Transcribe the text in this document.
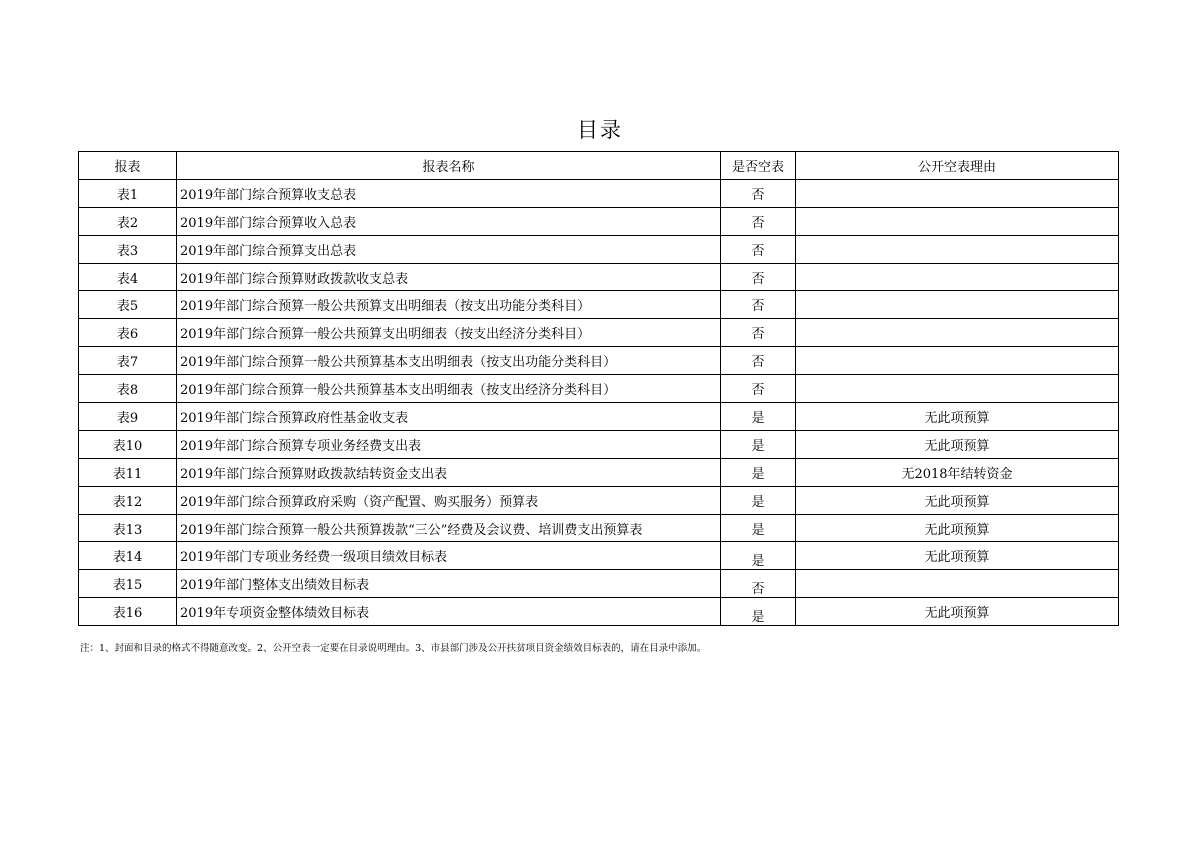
目录
报表	报表名称	是否空表	公开空表理由
表1	2019年部门综合预算收支总表	否	
表2	2019年部门综合预算收入总表	否	
表3	2019年部门综合预算支出总表	否	
表4	2019年部门综合预算财政拨款收支总表	否	
表5	2019年部门综合预算一般公共预算支出明细表（按支出功能分类科目）	否	
表6	2019年部门综合预算一般公共预算支出明细表（按支出经济分类科目）	否	
表7	2019年部门综合预算一般公共预算基本支出明细表（按支出功能分类科目）	否	
表8	2019年部门综合预算一般公共预算基本支出明细表（按支出经济分类科目）	否	
表9	2019年部门综合预算政府性基金收支表	是	无此项预算
表10	2019年部门综合预算专项业务经费支出表	是	无此项预算
表11	2019年部门综合预算财政拨款结转资金支出表	是	无2018年结转资金
表12	2019年部门综合预算政府采购（资产配置、购买服务）预算表	是	无此项预算
表13	2019年部门综合预算一般公共预算拨款“三公”经费及会议费、培训费支出预算表	是	无此项预算
表14	2019年部门专项业务经费一级项目绩效目标表	是	无此项预算
表15	2019年部门整体支出绩效目标表	否	
表16	2019年专项资金整体绩效目标表	是	无此项预算
注：1、封面和目录的格式不得随意改变。2、公开空表一定要在目录说明理由。3、市县部门涉及公开扶贫项目资金绩效目标表的，请在目录中添加。
